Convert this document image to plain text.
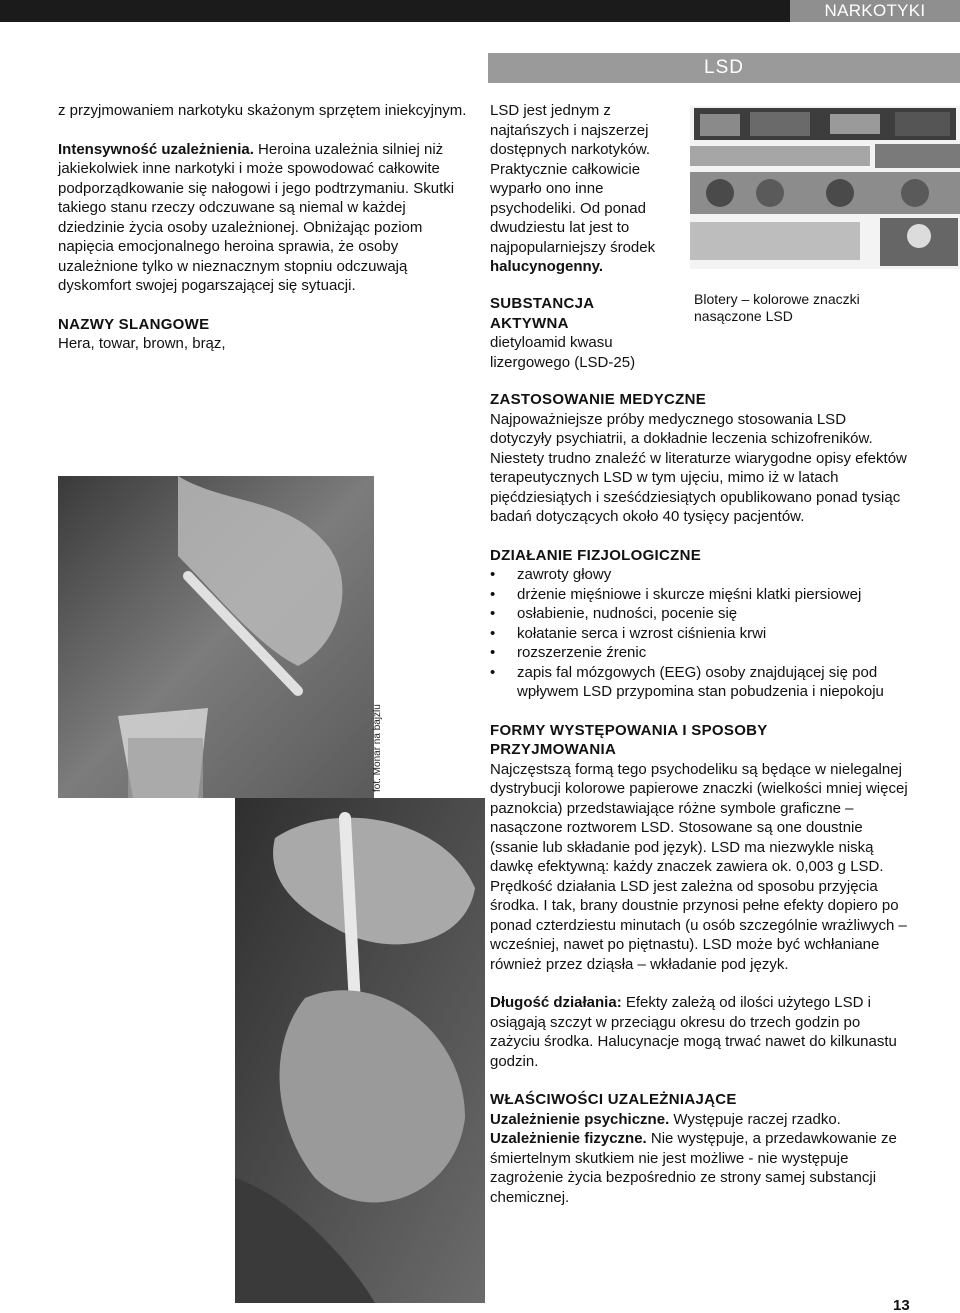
NARKOTYKI
LSD

z przyjmowaniem narkotyku skażonym sprzętem iniekcyjnym.

Intensywność uzależnienia. Heroina uzależnia silniej niż jakiekolwiek inne narkotyki i może spowodować całkowite podporządkowanie się nałogowi i jego podtrzymaniu. Skutki takiego stanu rzeczy odczuwane są niemal w każdej dziedzinie życia osoby uzależnionej. Obniżając poziom napięcia emocjonalnego heroina sprawia, że osoby uzależnione tylko w nieznacznym stopniu odczuwają dyskomfort swojej pogarszającej się sytuacji.

NAZWY SLANGOWE

Hera, towar, brown, brąz,

fot. Monar na bajzlu
LSD jest jednym z najtańszych i najszerzej dostępnych narkotyków. Praktycznie całkowicie wyparło ono inne psychodeliki. Od ponad dwudziestu lat jest to najpopularniejszy środek halucynogenny.
Blotery – kolorowe znaczki nasączone LSD

SUBSTANCJA AKTYWNA

dietyloamid kwasu lizergowego (LSD-25)

ZASTOSOWANIE MEDYCZNE

Najpoważniejsze próby medycznego stosowania LSD dotyczyły psychiatrii, a dokładnie leczenia schizofreników. Niestety trudno znaleźć w literaturze wiarygodne opisy efektów terapeutycznych LSD w tym ujęciu, mimo iż w latach pięćdziesiątych i sześćdziesiątych opublikowano ponad tysiąc badań dotyczących około 40 tysięcy pacjentów.

DZIAŁANIE FIZJOLOGICZNE

• zawroty głowy
• drżenie mięśniowe i skurcze mięśni klatki piersiowej
• osłabienie, nudności, pocenie się
• kołatanie serca i wzrost ciśnienia krwi
• rozszerzenie źrenic
• zapis fal mózgowych (EEG) osoby znajdującej się pod wpływem LSD przypomina stan pobudzenia i niepokoju

FORMY WYSTĘPOWANIA I SPOSOBY PRZYJMOWANIA

Najczęstszą formą tego psychodeliku są będące w nielegalnej dystrybucji kolorowe papierowe znaczki (wielkości mniej więcej paznokcia) przedstawiające różne symbole graficzne – nasączone roztworem LSD. Stosowane są one doustnie (ssanie lub składanie pod język). LSD ma niezwykle niską dawkę efektywną: każdy znaczek zawiera ok. 0,003 g LSD.

Prędkość działania LSD jest zależna od sposobu przyjęcia środka. I tak, brany doustnie przynosi pełne efekty dopiero po ponad czterdziestu minutach (u osób szczególnie wrażliwych – wcześniej, nawet po piętnastu). LSD może być wchłaniane również przez dziąsła – wkładanie pod język.

Długość działania: Efekty zależą od ilości użytego LSD i osiągają szczyt w przeciągu okresu do trzech godzin po zażyciu środka. Halucynacje mogą trwać nawet do kilkunastu godzin.

WŁAŚCIWOŚCI UZALEŻNIAJĄCE

Uzależnienie psychiczne. Występuje raczej rzadko.

Uzależnienie fizyczne. Nie występuje, a przedawkowanie ze śmiertelnym skutkiem nie jest możliwe - nie występuje zagrożenie życia bezpośrednio ze strony samej substancji chemicznej.

13
